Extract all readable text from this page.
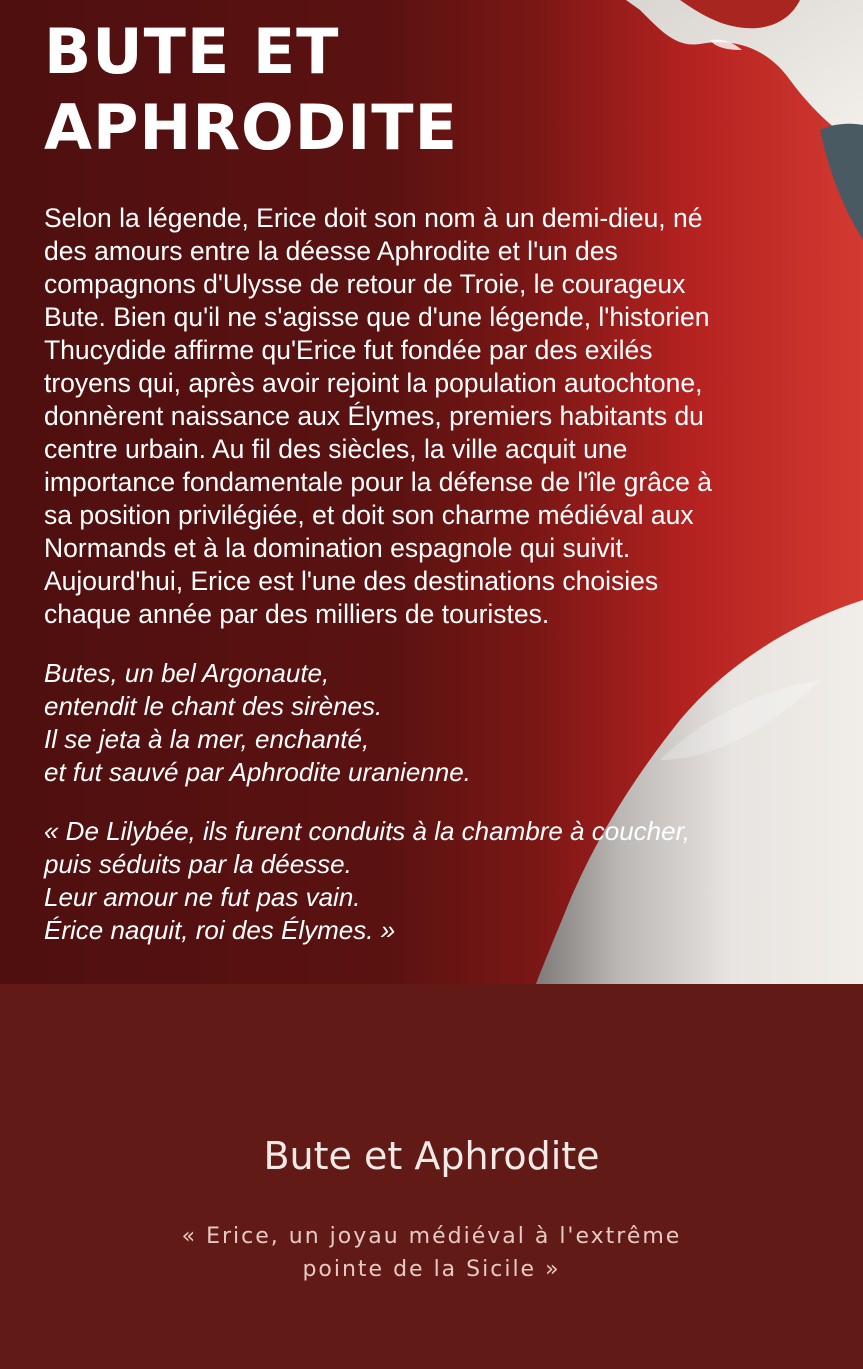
BUTE ET
APHRODITE

Selon la légende, Erice doit son nom à un demi-dieu, né des amours entre la déesse Aphrodite et l'un des compagnons d'Ulysse de retour de Troie, le courageux Bute. Bien qu'il ne s'agisse que d'une légende, l'historien Thucydide affirme qu'Erice fut fondée par des exilés troyens qui, après avoir rejoint la population autochtone, donnèrent naissance aux Élymes, premiers habitants du centre urbain. Au fil des siècles, la ville acquit une importance fondamentale pour la défense de l'île grâce à sa position privilégiée, et doit son charme médiéval aux Normands et à la domination espagnole qui suivit. Aujourd'hui, Erice est l'une des destinations choisies chaque année par des milliers de touristes.

Butes, un bel Argonaute,
entendit le chant des sirènes.
Il se jeta à la mer, enchanté,
et fut sauvé par Aphrodite uranienne.

« De Lilybée, ils furent conduits à la chambre à coucher,
puis séduits par la déesse.
Leur amour ne fut pas vain.
Érice naquit, roi des Élymes. »

Bute et Aphrodite

« Erice, un joyau médiéval à l'extrême pointe de la Sicile »
